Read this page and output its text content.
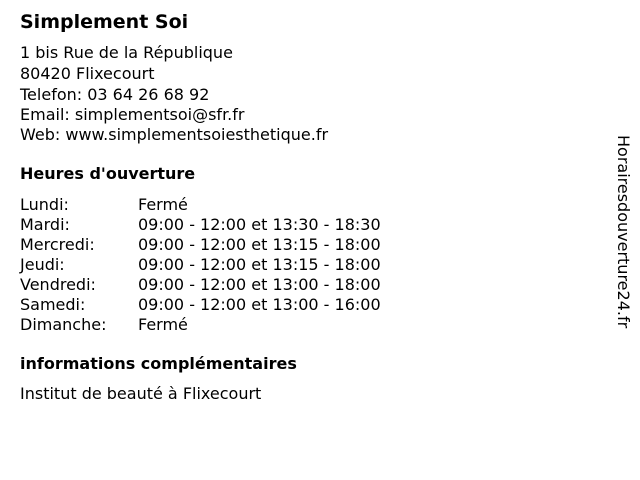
Simplement Soi
1 bis Rue de la République
80420 Flixecourt
Telefon: 03 64 26 68 92
Email: simplementsoi@sfr.fr
Web: www.simplementsoiesthetique.fr
Heures d'ouverture
Lundi:	Fermé
Mardi:	09:00 - 12:00 et 13:30 - 18:30
Mercredi:	09:00 - 12:00 et 13:15 - 18:00
Jeudi:	09:00 - 12:00 et 13:15 - 18:00
Vendredi:	09:00 - 12:00 et 13:00 - 18:00
Samedi:	09:00 - 12:00 et 13:00 - 16:00
Dimanche: Fermé
informations complémentaires
Institut de beauté à Flixecourt
Horairesdouverture24.fr
